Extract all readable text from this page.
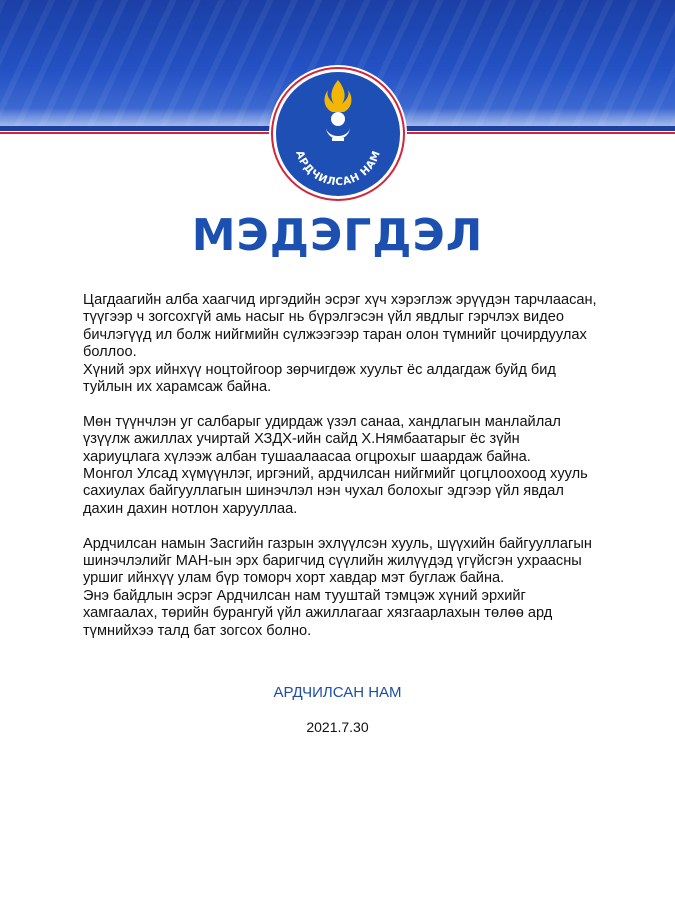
АРДЧИЛСАН НАМ
МЭДЭГДЭЛ
Цагдаагийн алба хаагчид иргэдийн эсрэг хүч хэрэглэж эрүүдэн тарчлаасан,
түүгээр ч зогсохгүй амь насыг нь бүрэлгэсэн үйл явдлыг гэрчлэх видео
бичлэгүүд ил болж нийгмийн сүлжээгээр таран олон түмнийг цочирдуулах
боллоо.
Хүний эрх ийнхүү ноцтойгоор зөрчигдөж хуульт ёс алдагдаж буйд бид
туйлын их харамсаж байна.
Мөн түүнчлэн уг салбарыг удирдаж үзэл санаа, хандлагын манлайлал
үзүүлж ажиллах учиртай ХЗДХ-ийн сайд Х.Нямбаатарыг ёс зүйн
хариуцлага хүлээж албан тушаалаасаа огцрохыг шаардаж байна.
Монгол Улсад хүмүүнлэг, иргэний, ардчилсан нийгмийг цогцлоохоод хууль
сахиулах байгууллагын шинэчлэл нэн чухал болохыг эдгээр үйл явдал
дахин дахин нотлон харууллаа.
Ардчилсан намын Засгийн газрын эхлүүлсэн хууль, шүүхийн байгууллагын
шинэчлэлийг МАН-ын эрх баригчид сүүлийн жилүүдэд үгүйсгэн ухраасны
уршиг ийнхүү улам бүр томорч хорт хавдар мэт буглаж байна.
Энэ байдлын эсрэг Ардчилсан нам тууштай тэмцэж хүний эрхийг
хамгаалах, төрийн бурангуй үйл ажиллагааг хязгаарлахын төлөө ард
түмнийхээ талд бат зогсох болно.
АРДЧИЛСАН НАМ
2021.7.30
